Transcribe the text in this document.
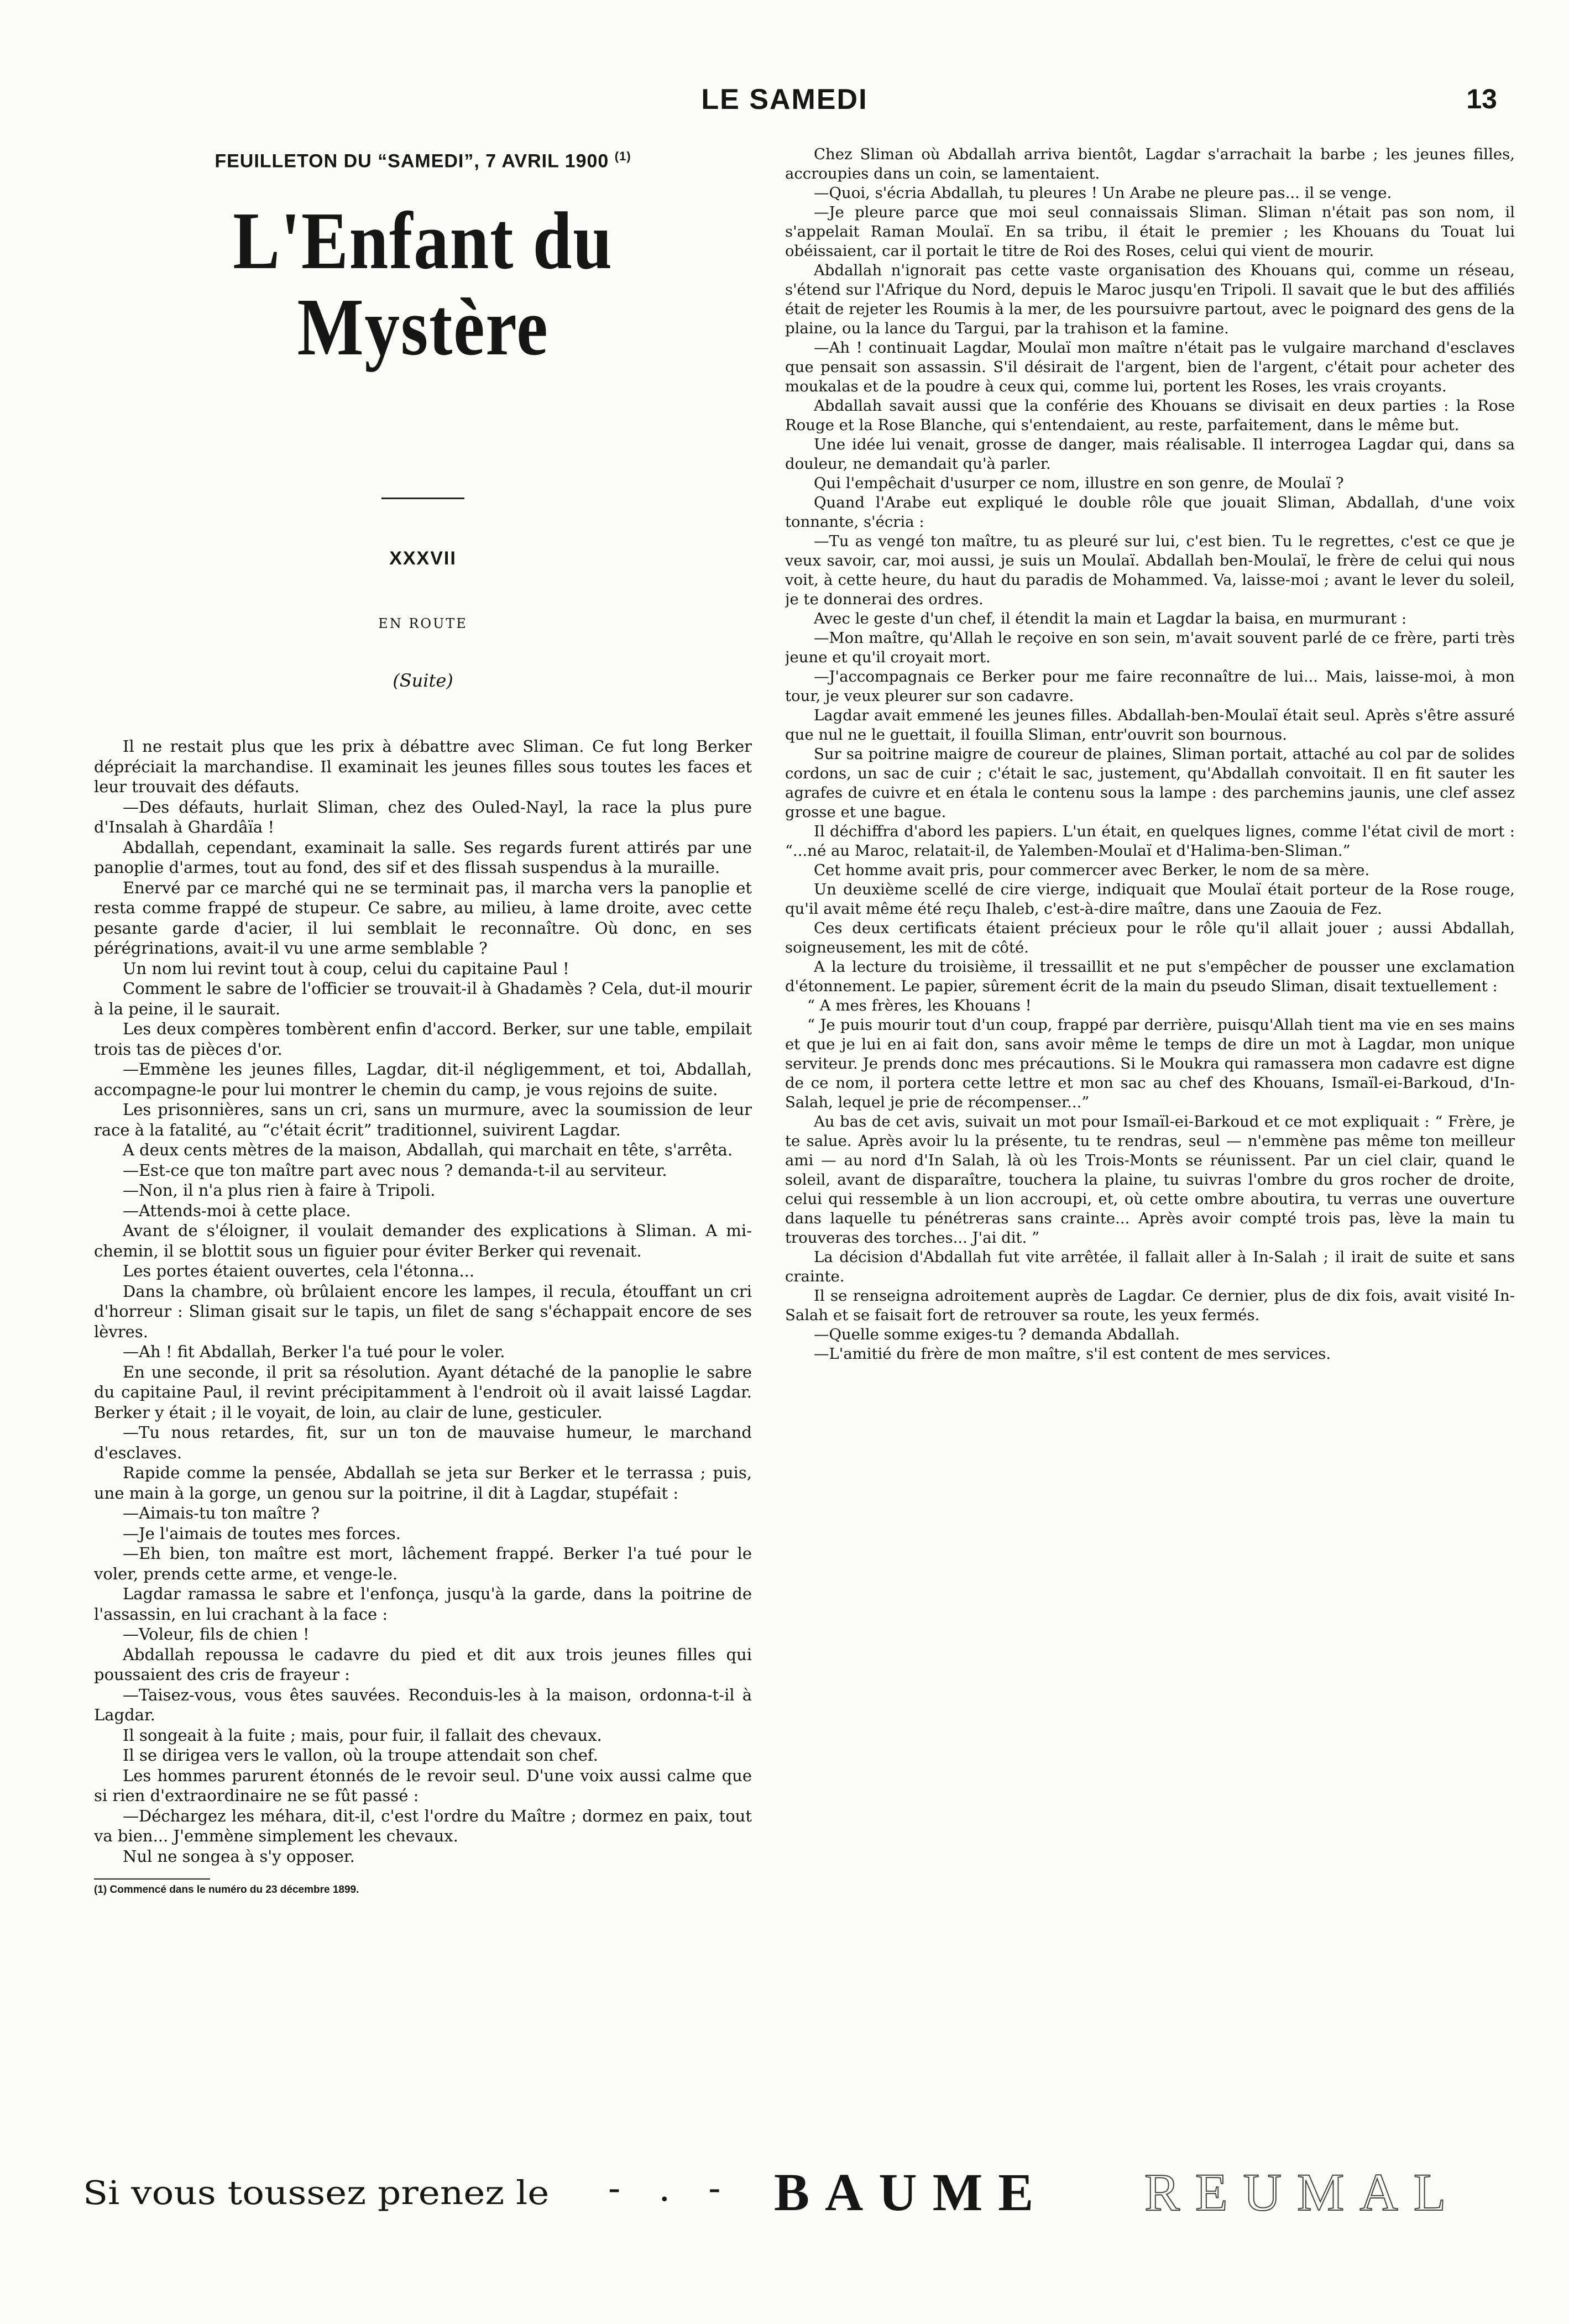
LE SAMEDI	13

FEUILLETON DU “SAMEDI”, 7 AVRIL 1900 $^{(1)}$

L'Enfant du Mystère
XXXVII
EN ROUTE
(Suite)

Il ne restait plus que les prix à débattre avec Sliman. Ce fut long Berker dépréciait la marchandise. Il examinait les jeunes filles sous toutes les faces et leur trouvait des défauts.

—Des défauts, hurlait Sliman, chez des Ouled-Nayl, la race la plus pure d'Insalah à Ghardâïa !

Abdallah, cependant, examinait la salle. Ses regards furent attirés par une panoplie d'armes, tout au fond, des sif et des flissah suspendus à la muraille.

Enervé par ce marché qui ne se terminait pas, il marcha vers la panoplie et resta comme frappé de stupeur. Ce sabre, au milieu, à lame droite, avec cette pesante garde d'acier, il lui semblait le reconnaître. Où donc, en ses pérégrinations, avait-il vu une arme semblable ?

Un nom lui revint tout à coup, celui du capitaine Paul !

Comment le sabre de l'officier se trouvait-il à Ghadamès ? Cela, dut-il mourir à la peine, il le saurait.

Les deux compères tombèrent enfin d'accord. Berker, sur une table, empilait trois tas de pièces d'or.

—Emmène les jeunes filles, Lagdar, dit-il négligemment, et toi, Abdallah, accompagne-le pour lui montrer le chemin du camp, je vous rejoins de suite.

Les prisonnières, sans un cri, sans un murmure, avec la soumission de leur race à la fatalité, au “c'était écrit” traditionnel, suivirent Lagdar.

A deux cents mètres de la maison, Abdallah, qui marchait en tête, s'arrêta.

—Est-ce que ton maître part avec nous ? demanda-t-il au serviteur.

—Non, il n'a plus rien à faire à Tripoli.

—Attends-moi à cette place.

Avant de s'éloigner, il voulait demander des explications à Sliman. A mi-chemin, il se blottit sous un figuier pour éviter Berker qui revenait.

Les portes étaient ouvertes, cela l'étonna...

Dans la chambre, où brûlaient encore les lampes, il recula, étouffant un cri d'horreur : Sliman gisait sur le tapis, un filet de sang s'échappait encore de ses lèvres.

—Ah ! fit Abdallah, Berker l'a tué pour le voler.

En une seconde, il prit sa résolution. Ayant détaché de la panoplie le sabre du capitaine Paul, il revint précipitamment à l'endroit où il avait laissé Lagdar. Berker y était ; il le voyait, de loin, au clair de lune, gesticuler.

—Tu nous retardes, fit, sur un ton de mauvaise humeur, le marchand d'esclaves.

Rapide comme la pensée, Abdallah se jeta sur Berker et le terrassa ; puis, une main à la gorge, un genou sur la poitrine, il dit à Lagdar, stupéfait :

—Aimais-tu ton maître ?

—Je l'aimais de toutes mes forces.

—Eh bien, ton maître est mort, lâchement frappé. Berker l'a tué pour le voler, prends cette arme, et venge-le.

Lagdar ramassa le sabre et l'enfonça, jusqu'à la garde, dans la poitrine de l'assassin, en lui crachant à la face :

—Voleur, fils de chien !

Abdallah repoussa le cadavre du pied et dit aux trois jeunes filles qui poussaient des cris de frayeur :

—Taisez-vous, vous êtes sauvées. Reconduis-les à la maison, ordonna-t-il à Lagdar.

Il songeait à la fuite ; mais, pour fuir, il fallait des chevaux.

Il se dirigea vers le vallon, où la troupe attendait son chef.

Les hommes parurent étonnés de le revoir seul. D'une voix aussi calme que si rien d'extraordinaire ne se fût passé :

—Déchargez les méhara, dit-il, c'est l'ordre du Maître ; dormez en paix, tout va bien... J'emmène simplement les chevaux.

Nul ne songea à s'y opposer.

(1) Commencé dans le numéro du 23 décembre 1899.

Chez Sliman où Abdallah arriva bientôt, Lagdar s'arrachait la barbe ; les jeunes filles, accroupies dans un coin, se lamentaient.

—Quoi, s'écria Abdallah, tu pleures ! Un Arabe ne pleure pas... il se venge.

—Je pleure parce que moi seul connaissais Sliman. Sliman n'était pas son nom, il s'appelait Raman Moulaï. En sa tribu, il était le premier ; les Khouans du Touat lui obéissaient, car il portait le titre de Roi des Roses, celui qui vient de mourir.

Abdallah n'ignorait pas cette vaste organisation des Khouans qui, comme un réseau, s'étend sur l'Afrique du Nord, depuis le Maroc jusqu'en Tripoli. Il savait que le but des affiliés était de rejeter les Roumis à la mer, de les poursuivre partout, avec le poignard des gens de la plaine, ou la lance du Targui, par la trahison et la famine.

—Ah ! continuait Lagdar, Moulaï mon maître n'était pas le vulgaire marchand d'esclaves que pensait son assassin. S'il désirait de l'argent, bien de l'argent, c'était pour acheter des moukalas et de la poudre à ceux qui, comme lui, portent les Roses, les vrais croyants.

Abdallah savait aussi que la conférie des Khouans se divisait en deux parties : la Rose Rouge et la Rose Blanche, qui s'entendaient, au reste, parfaitement, dans le même but.

Une idée lui venait, grosse de danger, mais réalisable. Il interrogea Lagdar qui, dans sa douleur, ne demandait qu'à parler.

Qui l'empêchait d'usurper ce nom, illustre en son genre, de Moulaï ?

Quand l'Arabe eut expliqué le double rôle que jouait Sliman, Abdallah, d'une voix tonnante, s'écria :

—Tu as vengé ton maître, tu as pleuré sur lui, c'est bien. Tu le regrettes, c'est ce que je veux savoir, car, moi aussi, je suis un Moulaï. Abdallah ben-Moulaï, le frère de celui qui nous voit, à cette heure, du haut du paradis de Mohammed. Va, laisse-moi ; avant le lever du soleil, je te donnerai des ordres.

Avec le geste d'un chef, il étendit la main et Lagdar la baisa, en murmurant :

—Mon maître, qu'Allah le reçoive en son sein, m'avait souvent parlé de ce frère, parti très jeune et qu'il croyait mort.

—J'accompagnais ce Berker pour me faire reconnaître de lui... Mais, laisse-moi, à mon tour, je veux pleurer sur son cadavre.

Lagdar avait emmené les jeunes filles. Abdallah-ben-Moulaï était seul. Après s'être assuré que nul ne le guettait, il fouilla Sliman, entr'ouvrit son bournous.

Sur sa poitrine maigre de coureur de plaines, Sliman portait, attaché au col par de solides cordons, un sac de cuir ; c'était le sac, justement, qu'Abdallah convoitait. Il en fit sauter les agrafes de cuivre et en étala le contenu sous la lampe : des parchemins jaunis, une clef assez grosse et une bague.

Il déchiffra d'abord les papiers. L'un était, en quelques lignes, comme l'état civil de mort : “...né au Maroc, relatait-il, de Yalemben-Moulaï et d'Halima-ben-Sliman.”

Cet homme avait pris, pour commercer avec Berker, le nom de sa mère.

Un deuxième scellé de cire vierge, indiquait que Moulaï était porteur de la Rose rouge, qu'il avait même été reçu Ihaleb, c'est-à-dire maître, dans une Zaouia de Fez.

Ces deux certificats étaient précieux pour le rôle qu'il allait jouer ; aussi Abdallah, soigneusement, les mit de côté.

A la lecture du troisième, il tressaillit et ne put s'empêcher de pousser une exclamation d'étonnement. Le papier, sûrement écrit de la main du pseudo Sliman, disait textuellement :

“ A mes frères, les Khouans !

“ Je puis mourir tout d'un coup, frappé par derrière, puisqu'Allah tient ma vie en ses mains et que je lui en ai fait don, sans avoir même le temps de dire un mot à Lagdar, mon unique serviteur. Je prends donc mes précautions. Si le Moukra qui ramassera mon cadavre est digne de ce nom, il portera cette lettre et mon sac au chef des Khouans, Ismaïl-ei-Barkoud, d'In-Salah, lequel je prie de récompenser...”

Au bas de cet avis, suivait un mot pour Ismaïl-ei-Barkoud et ce mot expliquait : “ Frère, je te salue. Après avoir lu la présente, tu te rendras, seul — n'emmène pas même ton meilleur ami — au nord d'In Salah, là où les Trois-Monts se réunissent. Par un ciel clair, quand le soleil, avant de disparaître, touchera la plaine, tu suivras l'ombre du gros rocher de droite, celui qui ressemble à un lion accroupi, et, où cette ombre aboutira, tu verras une ouverture dans laquelle tu pénétreras sans crainte... Après avoir compté trois pas, lève la main tu trouveras des torches... J'ai dit. ”

La décision d'Abdallah fut vite arrêtée, il fallait aller à In-Salah ; il irait de suite et sans crainte.

Il se renseigna adroitement auprès de Lagdar. Ce dernier, plus de dix fois, avait visité In-Salah et se faisait fort de retrouver sa route, les yeux fermés.

—Quelle somme exiges-tu ? demanda Abdallah.

—L'amitié du frère de mon maître, s'il est content de mes services.

Si vous toussez prenez le - . - BAUME REUMAL
